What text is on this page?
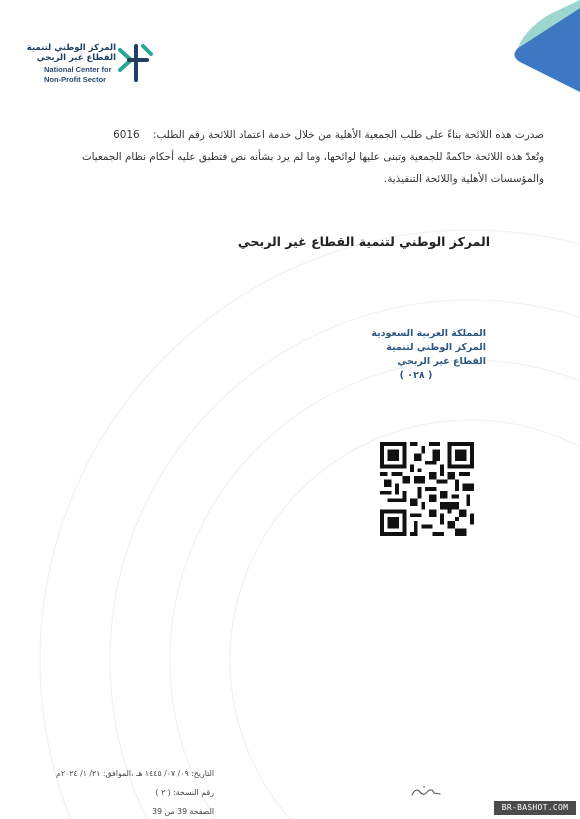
المركز الوطني لتنمية
القطاع غير الربحي
National Center for
Non-Profit Sector

صدرت هذه اللائحة بناءً على طلب الجمعية الأهلية من خلال خدمة اعتماد اللائحة رقم الطلب: 6016

وتُعدّ هذه اللائحة حاكمةً للجمعية وتبنى عليها لوائحها، وما لم يرد بشأنه نص فتطبق عليه أحكام نظام الجمعيات

والمؤسسات الأهلية واللائحة التنفيذية.

المركز الوطني لتنمية القطاع غير الربحي
المملكة العربية السعودية
المركز الوطني لتنمية
القطاع غير الربحي
( ٠٢٨ )

التاريخ: ٠٩/ ٠٧/ ١٤٤٥ هـ ،الموافق: ٢١/ ١/ ٢٠٢٤م

رقم النسخة: ( ٢ )

الصفحة 39 من 39	BR-BASHOT.COM
